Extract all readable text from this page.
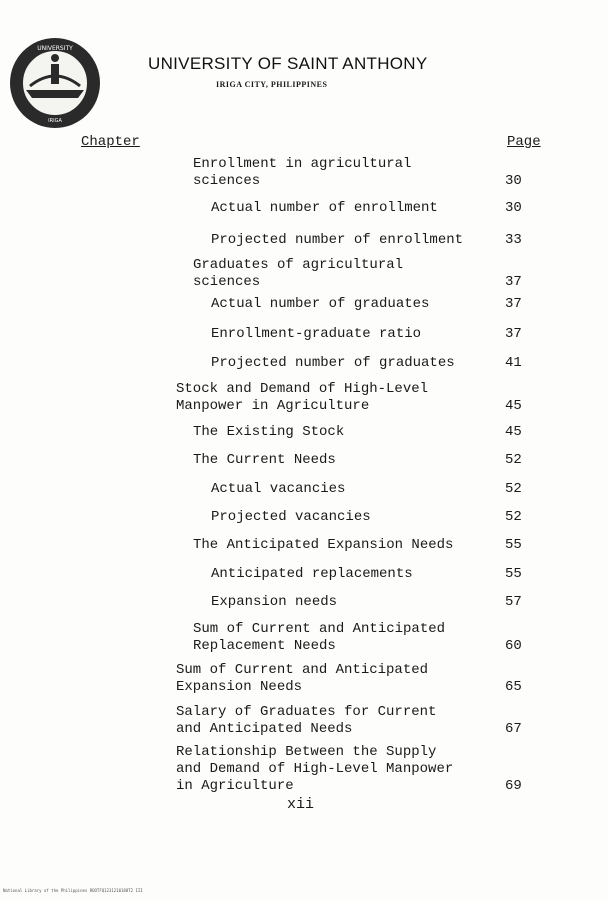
UNIVERSITY
IRIGA
UNIVERSITY OF SAINT ANTHONY
IRIGA CITY, PHILIPPINES
Chapter	Page
Enrollment in agricultural
sciences	30
Actual number of enrollment	30
Projected number of enrollment	33
Graduates of agricultural
sciences	37
Actual number of graduates	37
Enrollment-graduate ratio	37
Projected number of graduates	41
Stock and Demand of High-Level
Manpower in Agriculture	45
The Existing Stock	45
The Current Needs	52
Actual vacancies	52
Projected vacancies	52
The Anticipated Expansion Needs	55
Anticipated replacements	55
Expansion needs	57
Sum of Current and Anticipated
Replacement Needs	60
Sum of Current and Anticipated
Expansion Needs	65
Salary of Graduates for Current
and Anticipated Needs	67
Relationship Between the Supply
and Demand of High-Level Manpower
in Agriculture	69
xii
National Library of the Philippines ROOTFQ1231210188T2 III
